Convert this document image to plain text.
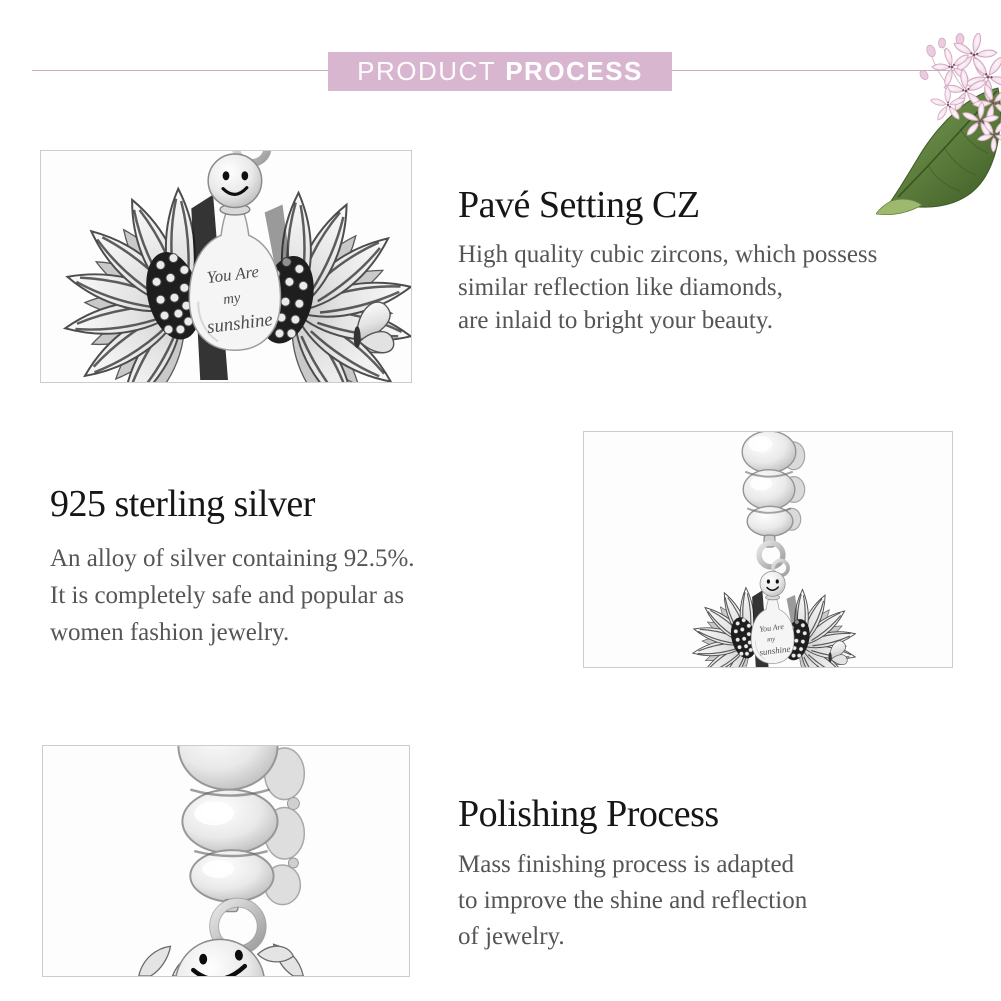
PRODUCT PROCESS
Pavé Setting CZ
High quality cubic zircons, which possess
similar reflection like diamonds,
are inlaid to bright your beauty.
925 sterling silver
An alloy of silver containing 92.5%.
It is completely safe and popular as
women fashion jewelry.
Polishing Process
Mass finishing process is adapted
to improve the shine and reflection
of jewelry.
